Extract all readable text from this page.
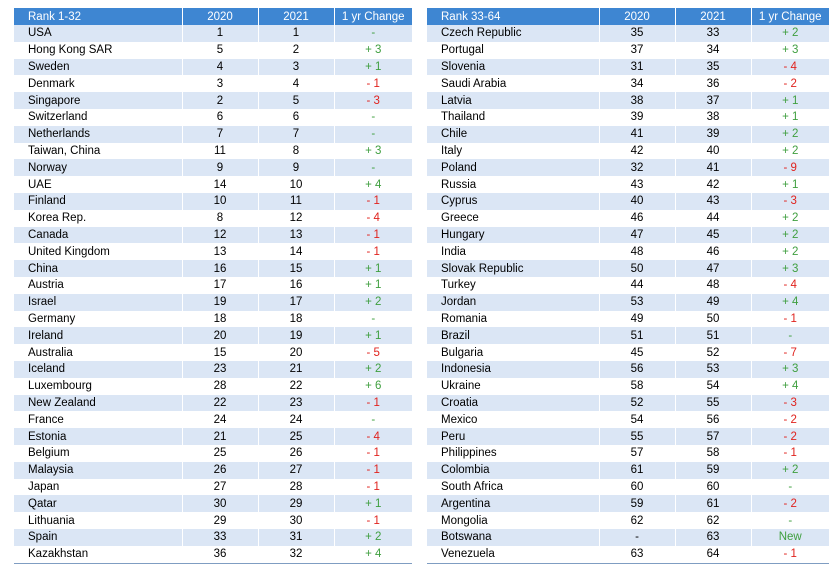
Rank 1-32	2020	2021	1 yr Change
USA	1	1	-
Hong Kong SAR	5	2	+ 3
Sweden	4	3	+ 1
Denmark	3	4	- 1
Singapore	2	5	- 3
Switzerland	6	6	-
Netherlands	7	7	-
Taiwan, China	11	8	+ 3
Norway	9	9	-
UAE	14	10	+ 4
Finland	10	11	- 1
Korea Rep.	8	12	- 4
Canada	12	13	- 1
United Kingdom	13	14	- 1
China	16	15	+ 1
Austria	17	16	+ 1
Israel	19	17	+ 2
Germany	18	18	-
Ireland	20	19	+ 1
Australia	15	20	- 5
Iceland	23	21	+ 2
Luxembourg	28	22	+ 6
New Zealand	22	23	- 1
France	24	24	-
Estonia	21	25	- 4
Belgium	25	26	- 1
Malaysia	26	27	- 1
Japan	27	28	- 1
Qatar	30	29	+ 1
Lithuania	29	30	- 1
Spain	33	31	+ 2
Kazakhstan	36	32	+ 4
Rank 33-64	2020	2021	1 yr Change
Czech Republic	35	33	+ 2
Portugal	37	34	+ 3
Slovenia	31	35	- 4
Saudi Arabia	34	36	- 2
Latvia	38	37	+ 1
Thailand	39	38	+ 1
Chile	41	39	+ 2
Italy	42	40	+ 2
Poland	32	41	- 9
Russia	43	42	+ 1
Cyprus	40	43	- 3
Greece	46	44	+ 2
Hungary	47	45	+ 2
India	48	46	+ 2
Slovak Republic	50	47	+ 3
Turkey	44	48	- 4
Jordan	53	49	+ 4
Romania	49	50	- 1
Brazil	51	51	-
Bulgaria	45	52	- 7
Indonesia	56	53	+ 3
Ukraine	58	54	+ 4
Croatia	52	55	- 3
Mexico	54	56	- 2
Peru	55	57	- 2
Philippines	57	58	- 1
Colombia	61	59	+ 2
South Africa	60	60	-
Argentina	59	61	- 2
Mongolia	62	62	-
Botswana	-	63	New
Venezuela	63	64	- 1
